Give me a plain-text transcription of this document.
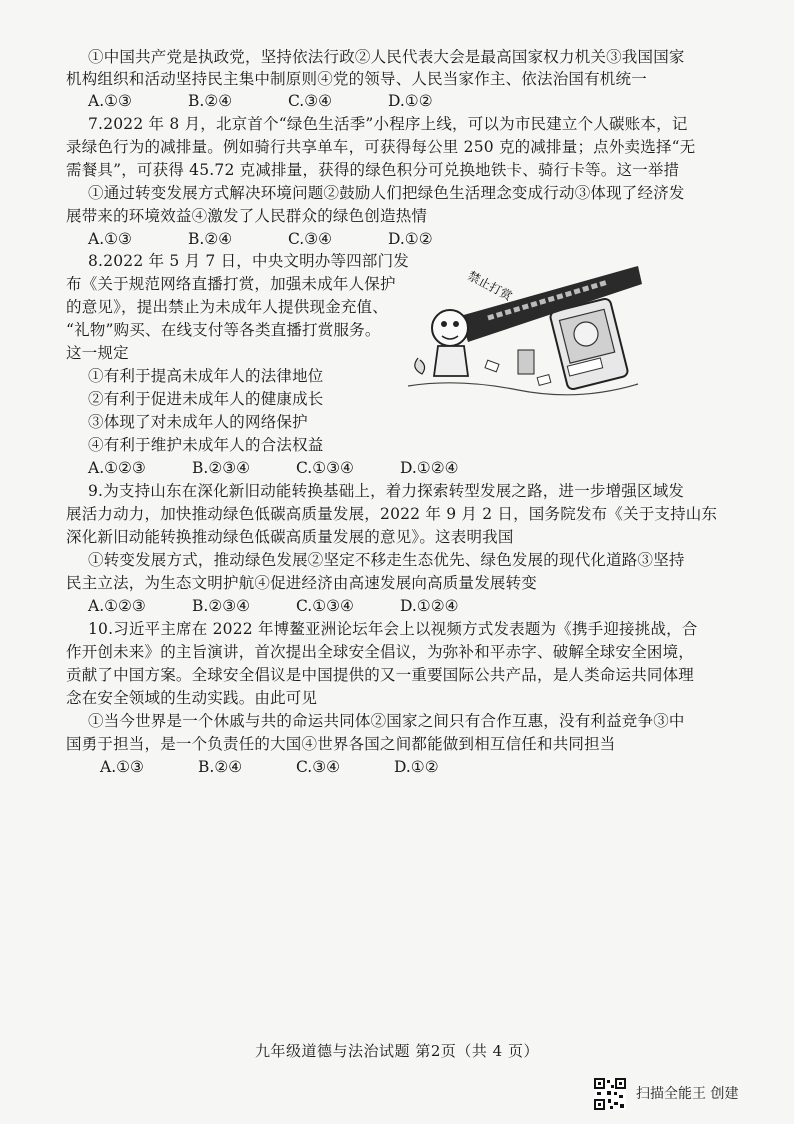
①中国共产党是执政党，坚持依法行政②人民代表大会是最高国家权力机关③我国国家
机构组织和活动坚持民主集中制原则④党的领导、人民当家作主、依法治国有机统一
A.①③	B.②④	C.③④	D.①②
7.2022 年 8 月，北京首个“绿色生活季”小程序上线，可以为市民建立个人碳账本，记
录绿色行为的减排量。例如骑行共享单车，可获得每公里 250 克的减排量；点外卖选择“无
需餐具”，可获得 45.72 克减排量，获得的绿色积分可兑换地铁卡、骑行卡等。这一举措
①通过转变发展方式解决环境问题②鼓励人们把绿色生活理念变成行动③体现了经济发
展带来的环境效益④激发了人民群众的绿色创造热情
A.①③	B.②④	C.③④	D.①②
8.2022 年 5 月 7 日，中央文明办等四部门发
布《关于规范网络直播打赏，加强未成年人保护
的意见》，提出禁止为未成年人提供现金充值、
“礼物”购买、在线支付等各类直播打赏服务。
这一规定
①有利于提高未成年人的法律地位
②有利于促进未成年人的健康成长
③体现了对未成年人的网络保护
④有利于维护未成年人的合法权益
A.①②③	B.②③④	C.①③④	D.①②④
禁止打赏
9.为支持山东在深化新旧动能转换基础上，着力探索转型发展之路，进一步增强区域发
展活力动力，加快推动绿色低碳高质量发展，2022 年 9 月 2 日，国务院发布《关于支持山东
深化新旧动能转换推动绿色低碳高质量发展的意见》。这表明我国
①转变发展方式，推动绿色发展②坚定不移走生态优先、绿色发展的现代化道路③坚持
民主立法，为生态文明护航④促进经济由高速发展向高质量发展转变
A.①②③	B.②③④	C.①③④	D.①②④
10.习近平主席在 2022 年博鳌亚洲论坛年会上以视频方式发表题为《携手迎接挑战，合
作开创未来》的主旨演讲，首次提出全球安全倡议，为弥补和平赤字、破解全球安全困境，
贡献了中国方案。全球安全倡议是中国提供的又一重要国际公共产品，是人类命运共同体理
念在安全领域的生动实践。由此可见
①当今世界是一个休戚与共的命运共同体②国家之间只有合作互惠，没有利益竞争③中
国勇于担当，是一个负责任的大国④世界各国之间都能做到相互信任和共同担当
A.①③	B.②④	C.③④	D.①②
九年级道德与法治试题 第2页（共 4 页）
扫描全能王 创建
